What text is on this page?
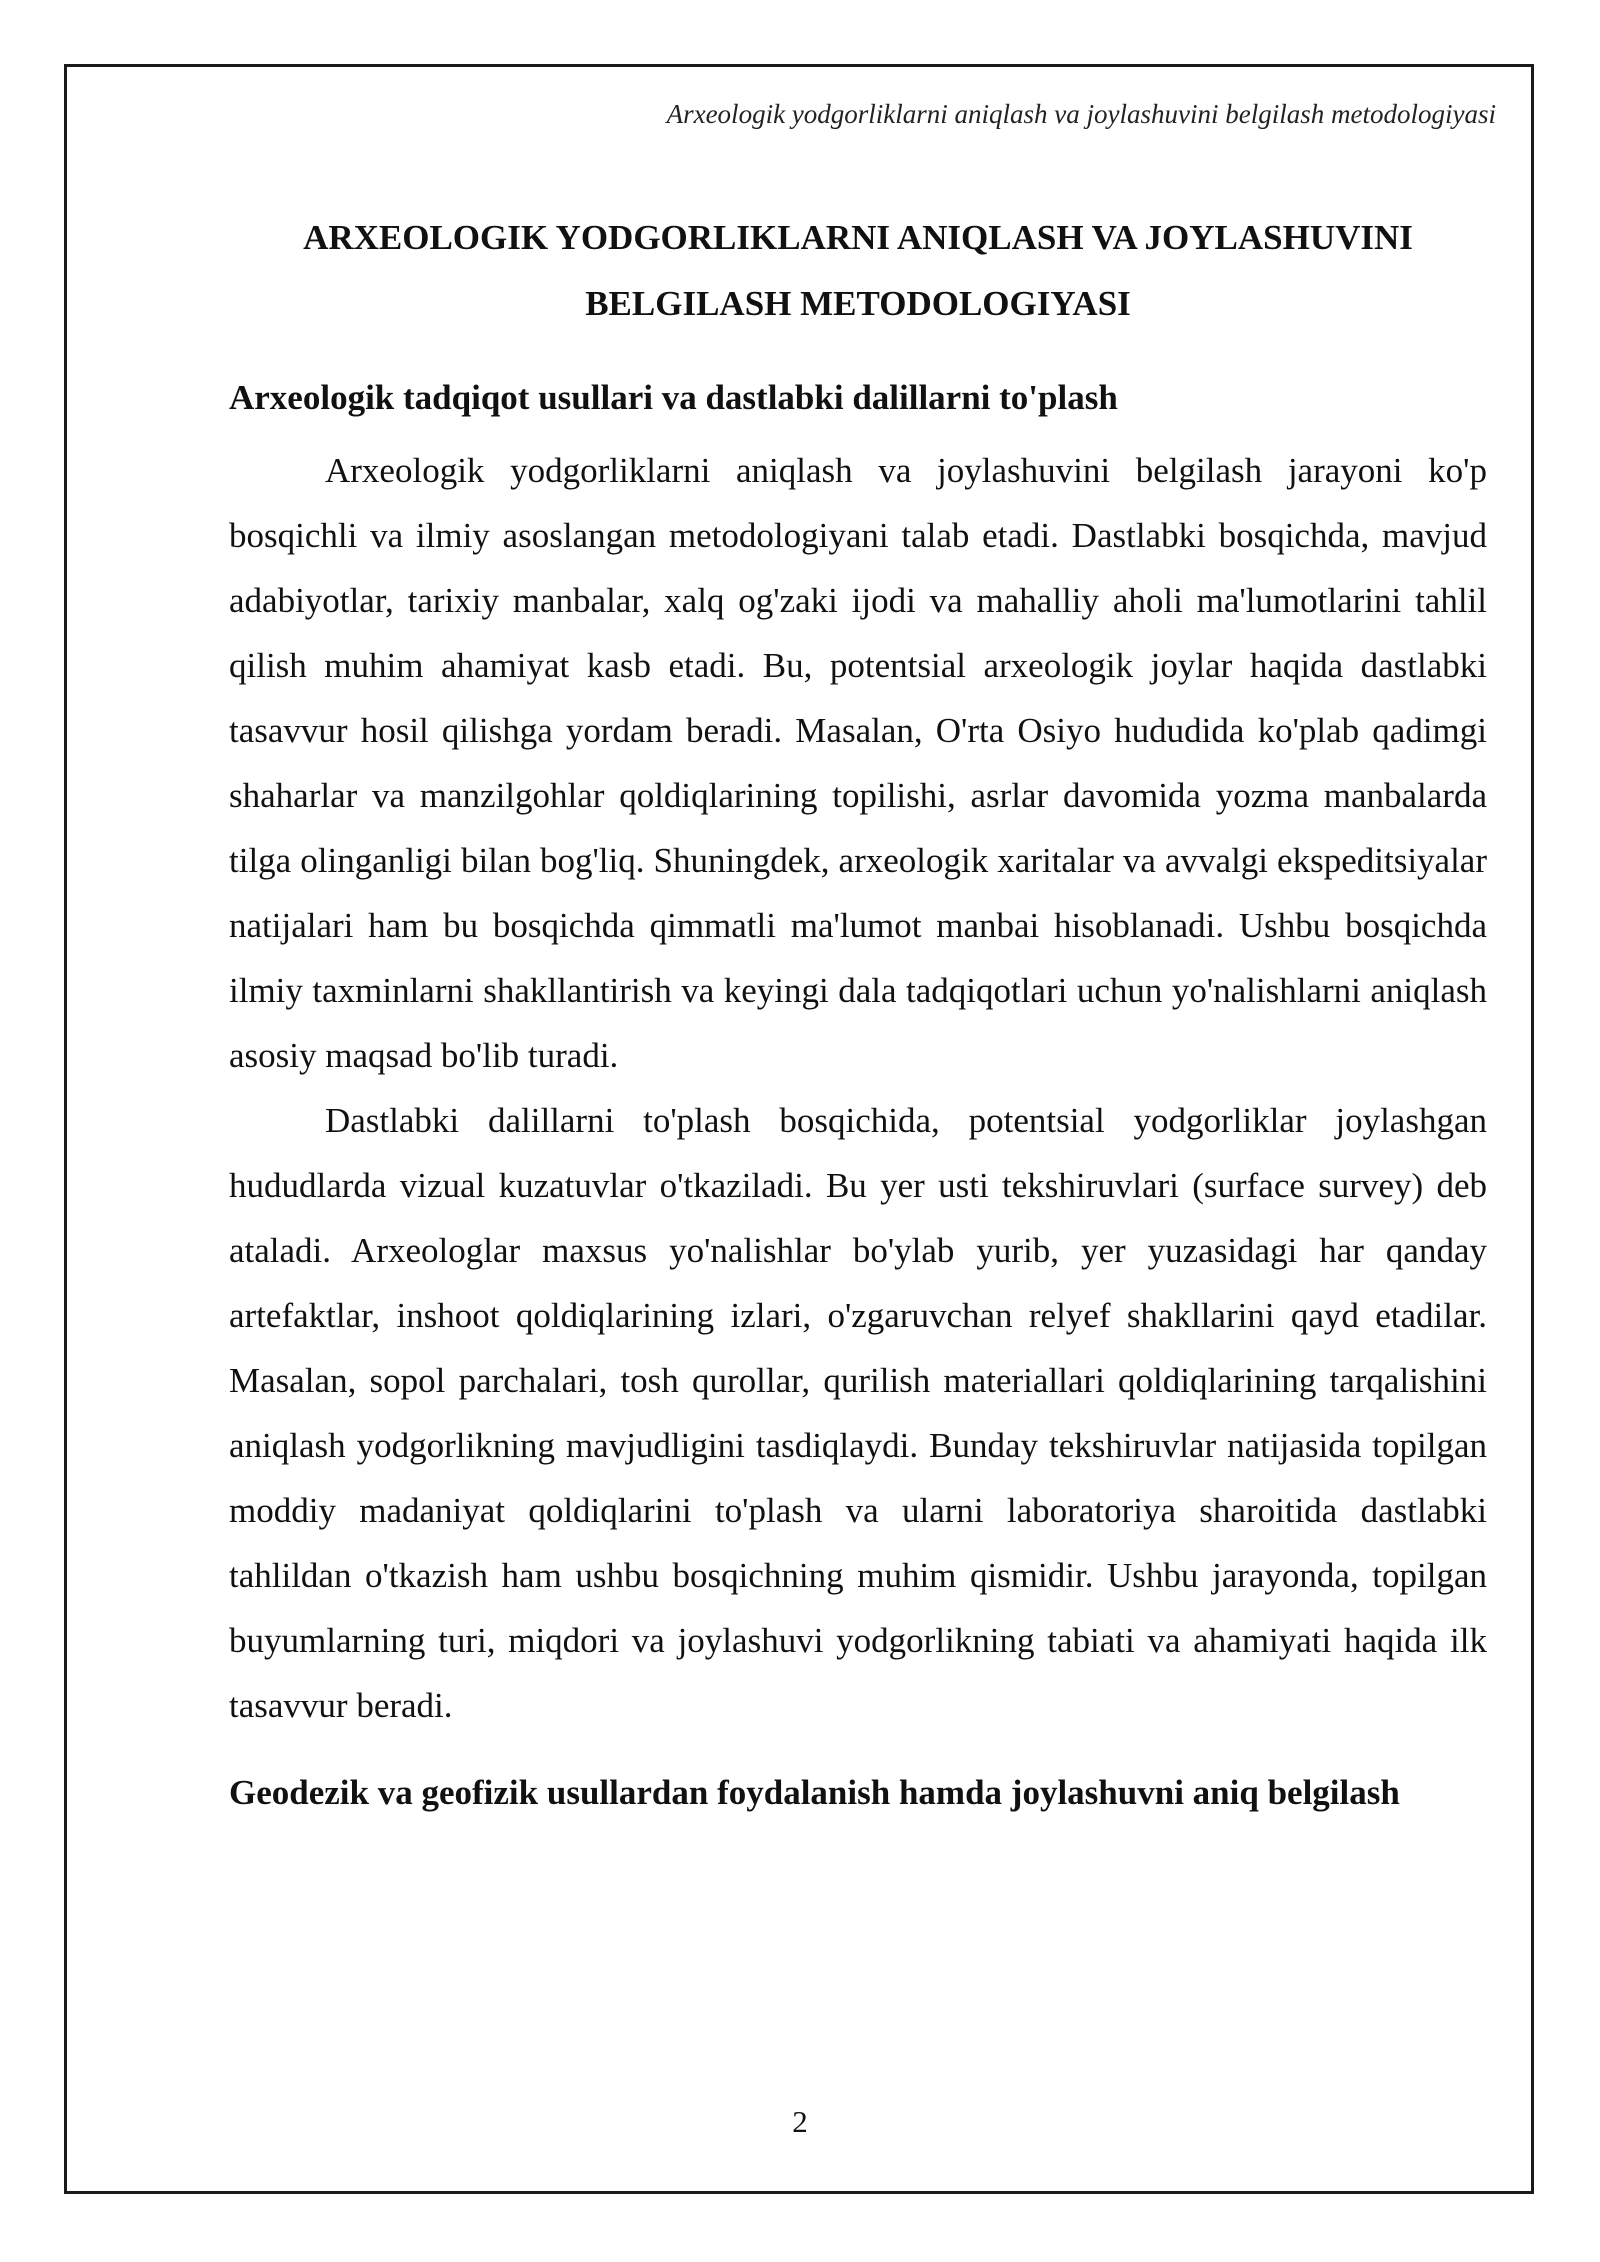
Arxeologik yodgorliklarni aniqlash va joylashuvini belgilash metodologiyasi
ARXEOLOGIK YODGORLIKLARNI ANIQLASH VA JOYLASHUVINI BELGILASH METODOLOGIYASI
Arxeologik tadqiqot usullari va dastlabki dalillarni to'plash

Arxeologik yodgorliklarni aniqlash va joylashuvini belgilash jarayoni ko'p bosqichli va ilmiy asoslangan metodologiyani talab etadi. Dastlabki bosqichda, mavjud adabiyotlar, tarixiy manbalar, xalq og'zaki ijodi va mahalliy aholi ma'lumotlarini tahlil qilish muhim ahamiyat kasb etadi. Bu, potentsial arxeologik joylar haqida dastlabki tasavvur hosil qilishga yordam beradi. Masalan, O'rta Osiyo hududida ko'plab qadimgi shaharlar va manzilgohlar qoldiqlarining topilishi, asrlar davomida yozma manbalarda tilga olinganligi bilan bog'liq. Shuningdek, arxeologik xaritalar va avvalgi ekspeditsiyalar natijalari ham bu bosqichda qimmatli ma'lumot manbai hisoblanadi. Ushbu bosqichda ilmiy taxminlarni shakllantirish va keyingi dala tadqiqotlari uchun yo'nalishlarni aniqlash asosiy maqsad bo'lib turadi.

Dastlabki dalillarni to'plash bosqichida, potentsial yodgorliklar joylashgan hududlarda vizual kuzatuvlar o'tkaziladi. Bu yer usti tekshiruvlari (surface survey) deb ataladi. Arxeologlar maxsus yo'nalishlar bo'ylab yurib, yer yuzasidagi har qanday artefaktlar, inshoot qoldiqlarining izlari, o'zgaruvchan relyef shakllarini qayd etadilar. Masalan, sopol parchalari, tosh qurollar, qurilish materiallari qoldiqlarining tarqalishini aniqlash yodgorlikning mavjudligini tasdiqlaydi. Bunday tekshiruvlar natijasida topilgan moddiy madaniyat qoldiqlarini to'plash va ularni laboratoriya sharoitida dastlabki tahlildan o'tkazish ham ushbu bosqichning muhim qismidir. Ushbu jarayonda, topilgan buyumlarning turi, miqdori va joylashuvi yodgorlikning tabiati va ahamiyati haqida ilk tasavvur beradi.

Geodezik va geofizik usullardan foydalanish hamda joylashuvni aniq belgilash
2
